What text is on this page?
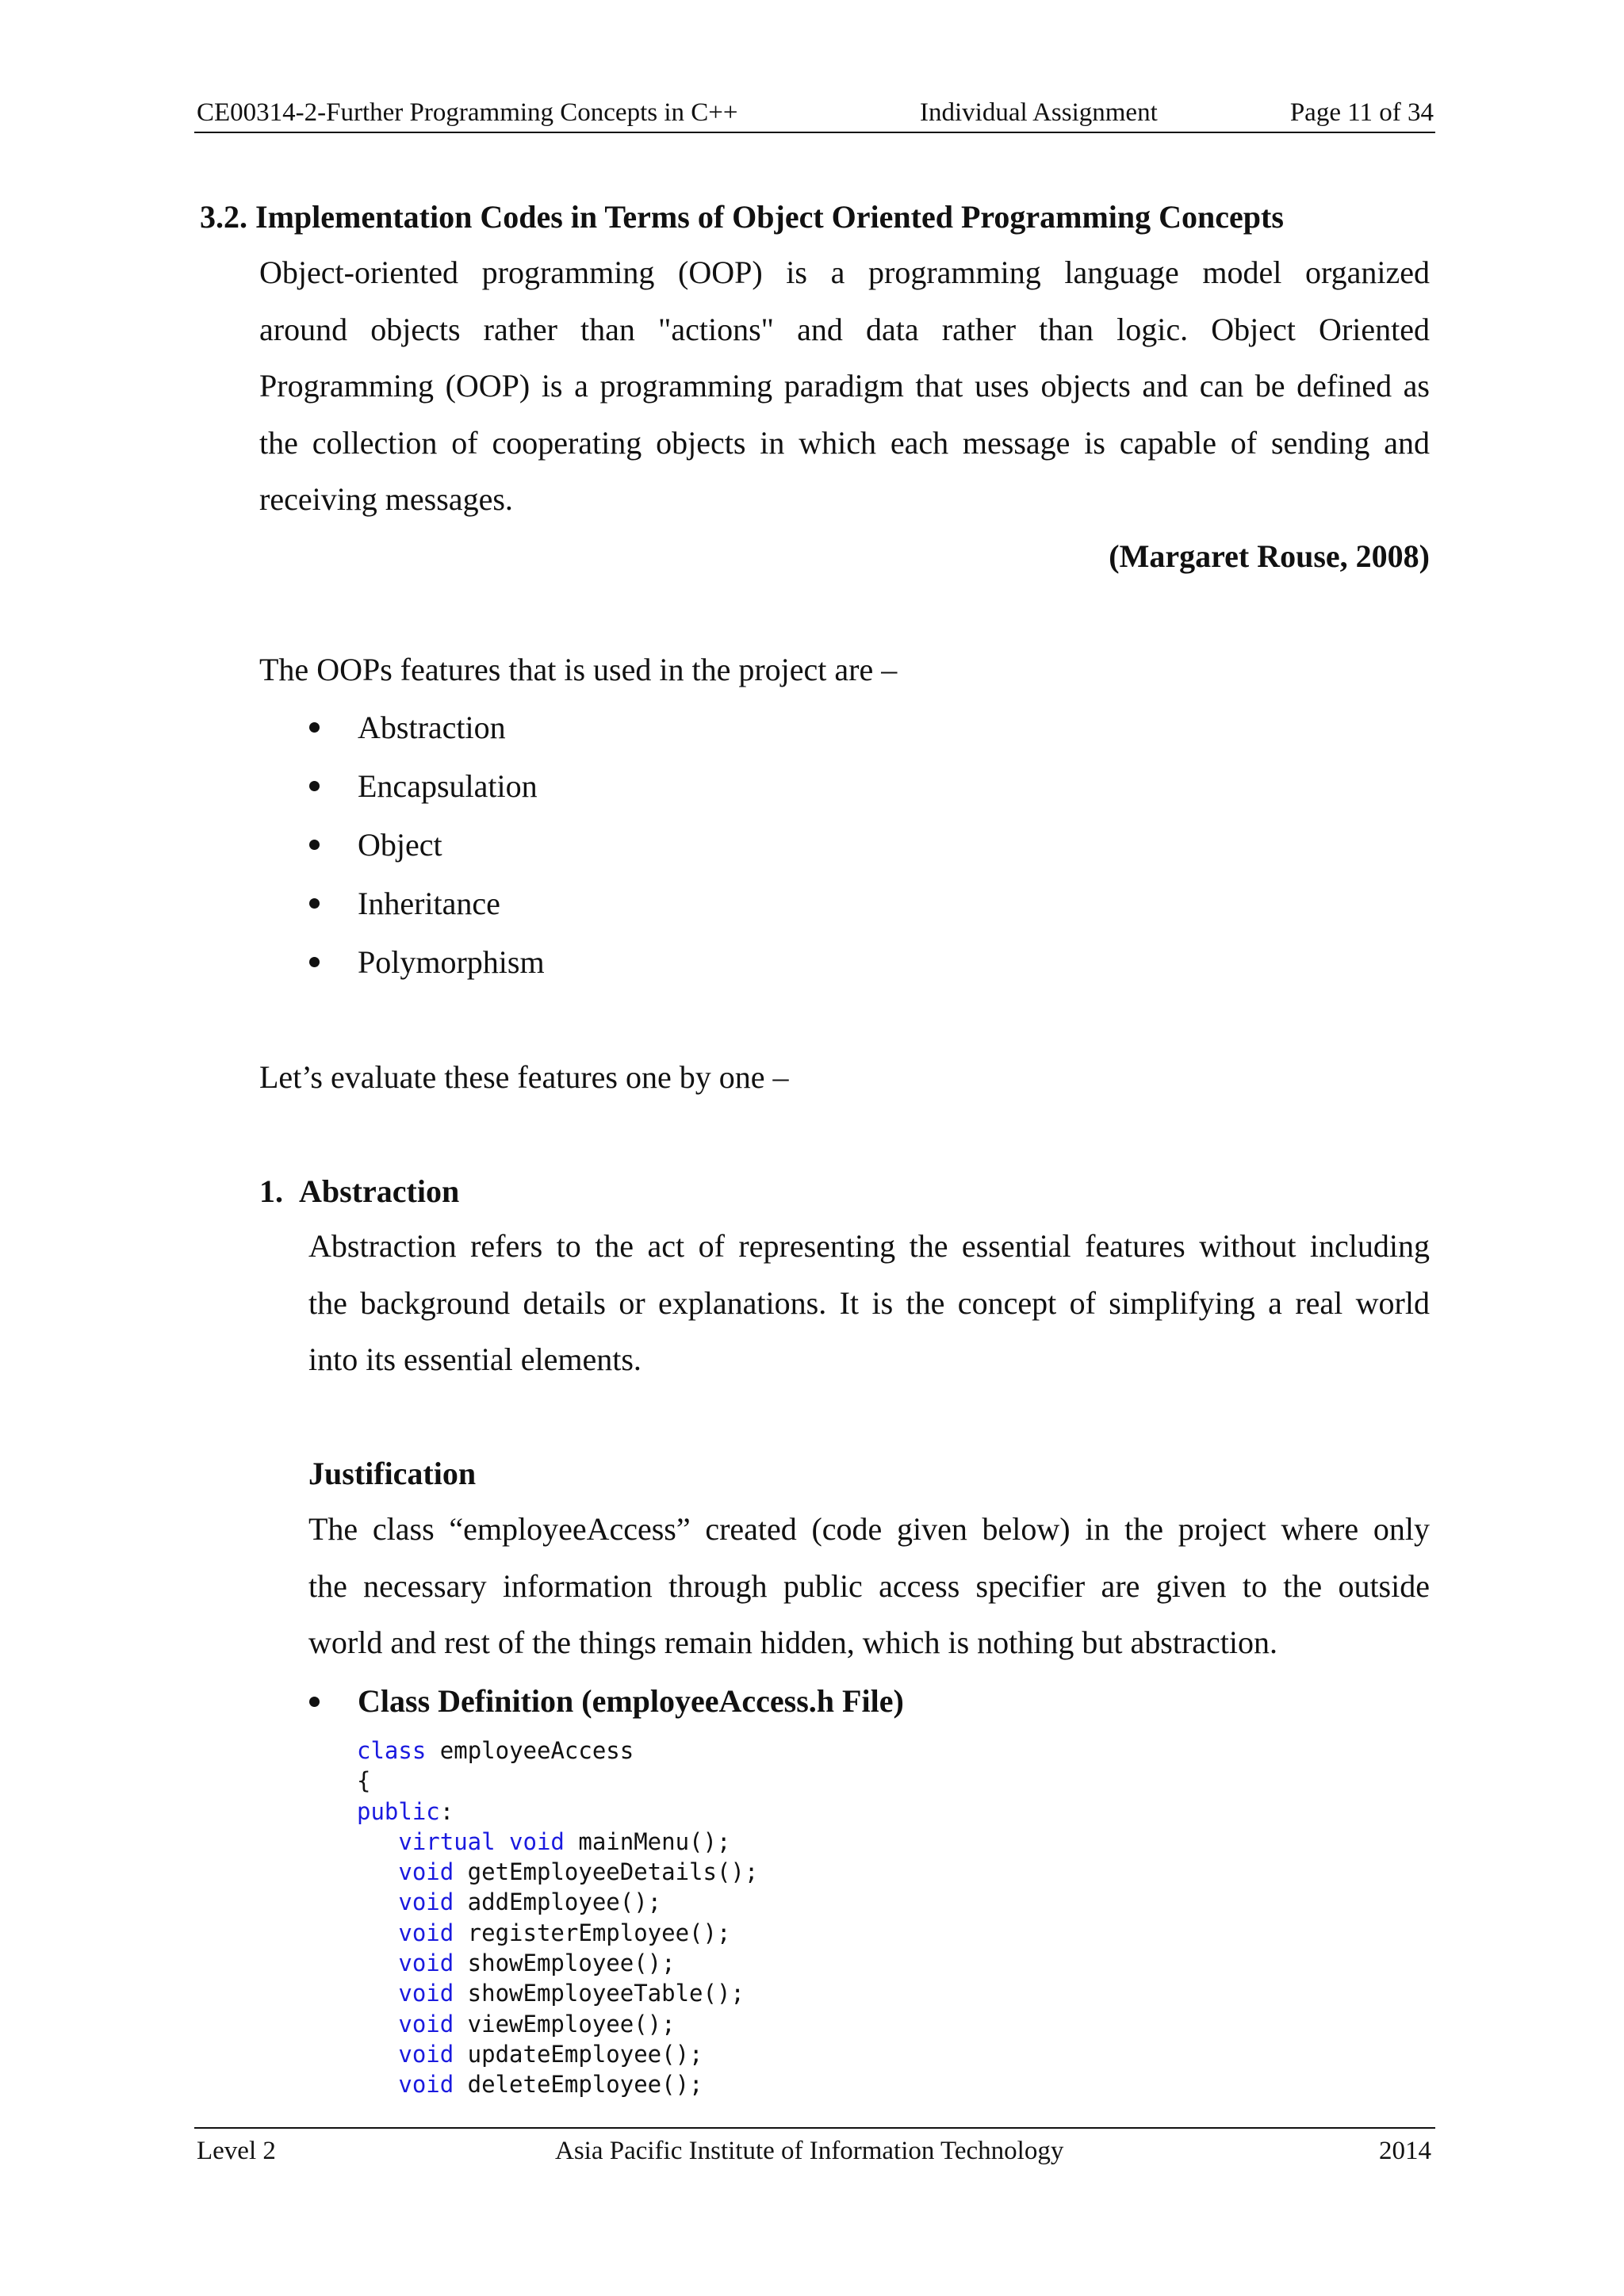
CE00314-2-Further Programming Concepts in C++	Individual Assignment	Page 11 of 34
3.2. Implementation Codes in Terms of Object Oriented Programming Concepts
Object-oriented programming (OOP) is a programming language model organized
around objects rather than "actions" and data rather than logic. Object Oriented
Programming (OOP) is a programming paradigm that uses objects and can be defined as
the collection of cooperating objects in which each message is capable of sending and
receiving messages.
(Margaret Rouse, 2008)
The OOPs features that is used in the project are –
Abstraction
Encapsulation
Object
Inheritance
Polymorphism
Let’s evaluate these features one by one –
1. Abstraction
Abstraction refers to the act of representing the essential features without including
the background details or explanations. It is the concept of simplifying a real world
into its essential elements.
Justification
The class “employeeAccess” created (code given below) in the project where only
the necessary information through public access specifier are given to the outside
world and rest of the things remain hidden, which is nothing but abstraction.
Class Definition (employeeAccess.h File)
class employeeAccess
{
public:
virtual void mainMenu();
void getEmployeeDetails();
void addEmployee();
void registerEmployee();
void showEmployee();
void showEmployeeTable();
void viewEmployee();
void updateEmployee();
void deleteEmployee();
Level 2	Asia Pacific Institute of Information Technology	2014
